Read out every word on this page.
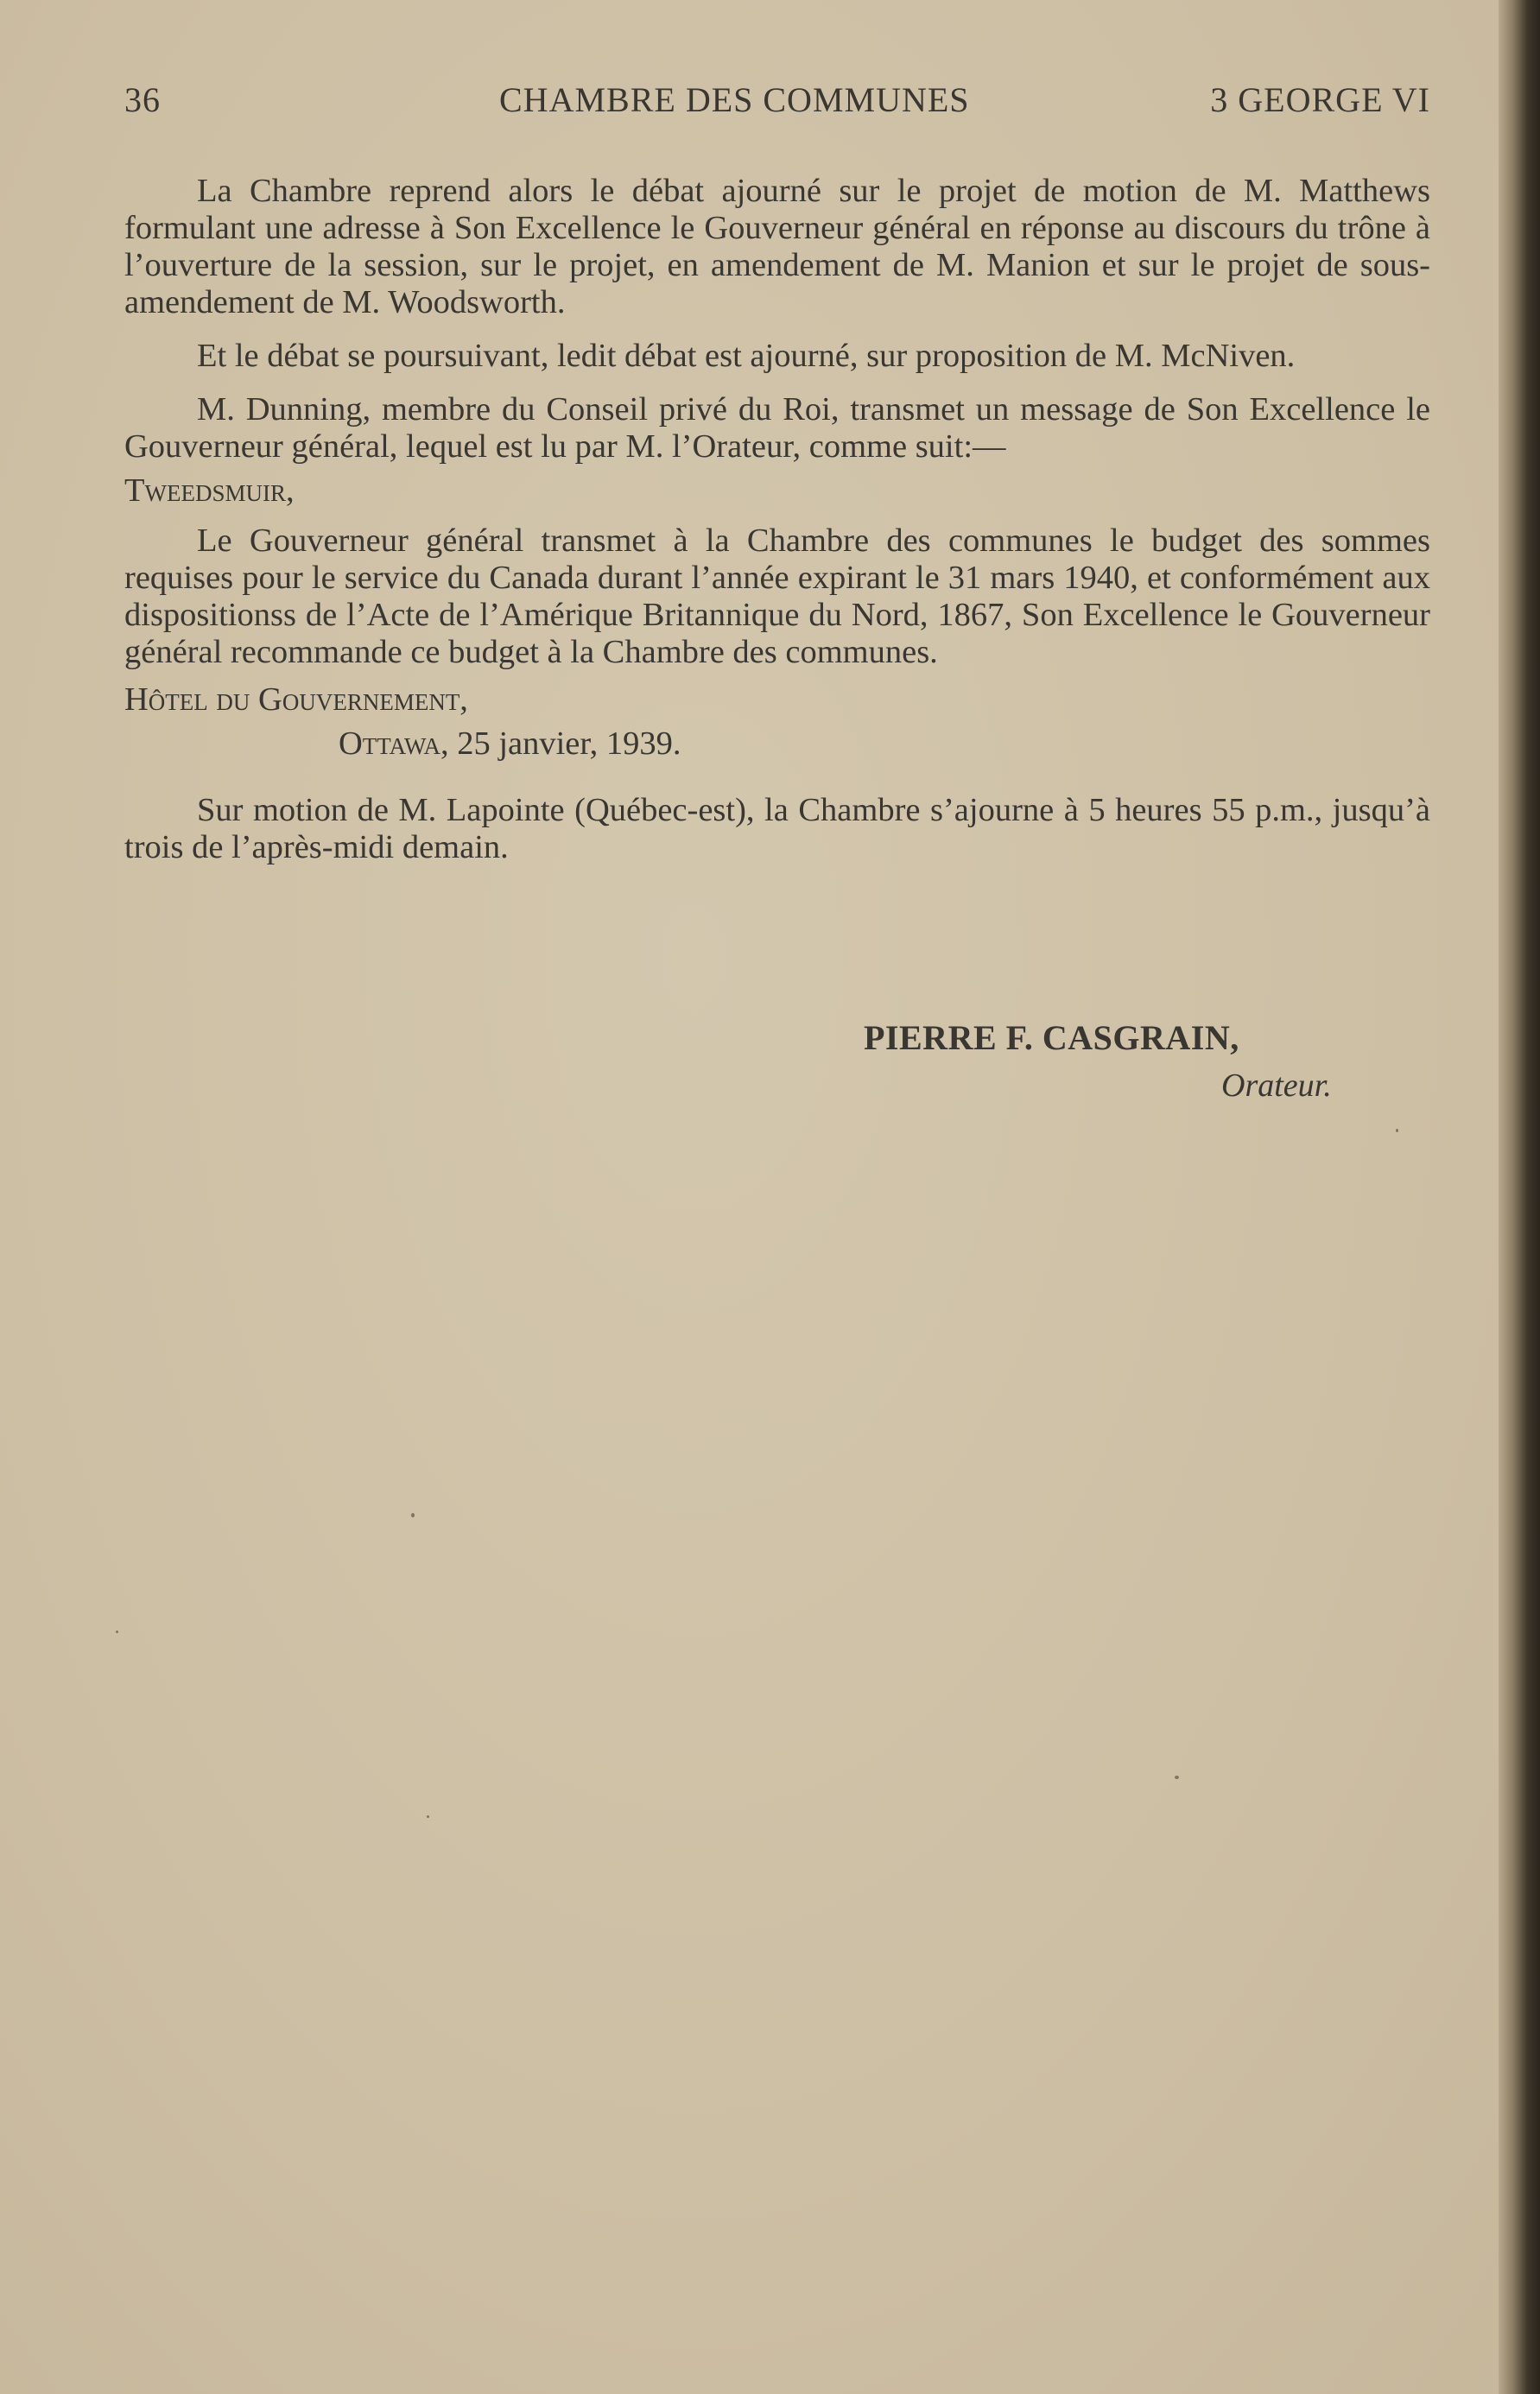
36	CHAMBRE DES COMMUNES	3 GEORGE VI

La Chambre reprend alors le débat ajourné sur le projet de motion de M. Matthews formulant une adresse à Son Excellence le Gouverneur général en réponse au discours du trône à l’ouverture de la session, sur le projet, en amendement de M. Manion et sur le projet de sous-amendement de M. Woodsworth.

Et le débat se poursuivant, ledit débat est ajourné, sur proposition de M. McNiven.

M. Dunning, membre du Conseil privé du Roi, transmet un message de Son Excellence le Gouverneur général, lequel est lu par M. l’Orateur, comme suit:—

Tweedsmuir,

Le Gouverneur général transmet à la Chambre des communes le budget des sommes requises pour le service du Canada durant l’année expirant le 31 mars 1940, et conformément aux dispositionss de l’Acte de l’Amérique Britannique du Nord, 1867, Son Excellence le Gouverneur général recommande ce budget à la Chambre des communes.

Hôtel du Gouvernement,

Ottawa, 25 janvier, 1939.

Sur motion de M. Lapointe (Québec-est), la Chambre s’ajourne à 5 heures 55 p.m., jusqu’à trois de l’après-midi demain.

PIERRE F. CASGRAIN,

Orateur.
